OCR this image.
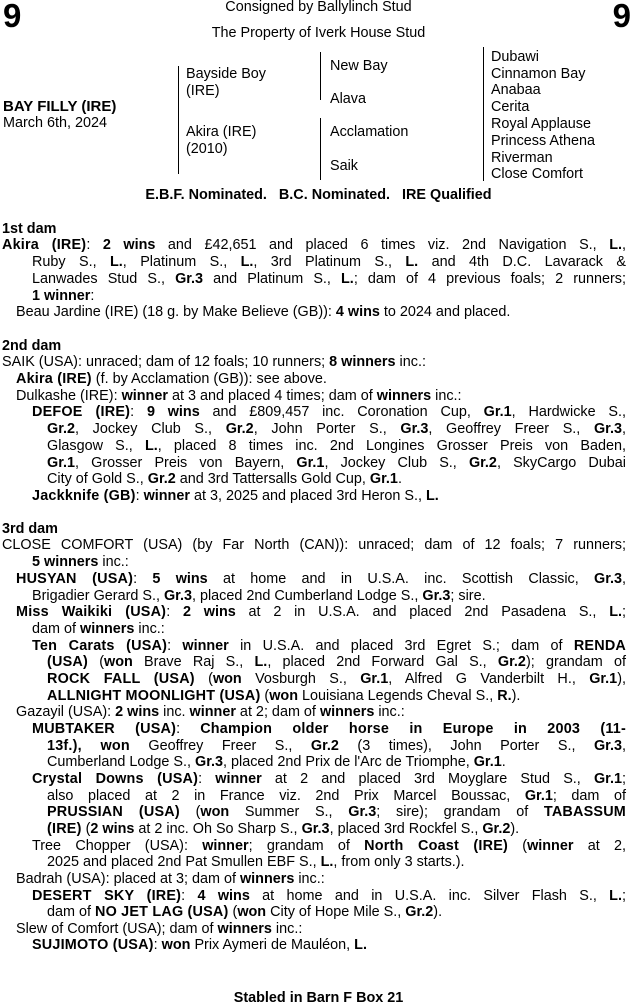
9	9
Consigned by Ballylinch Stud
The Property of Iverk House Stud
BAY FILLY (IRE)
March 6th, 2024
Bayside Boy
(IRE)
Akira (IRE)
(2010)
New Bay
Alava
Acclamation
Saik
Dubawi
Cinnamon Bay
Anabaa
Cerita
Royal Applause
Princess Athena
Riverman
Close Comfort
E.B.F. Nominated.   B.C. Nominated.   IRE Qualified
1st dam
Akira (IRE): 2 wins and £42,651 and placed 6 times viz. 2nd Navigation S., L.,
Ruby S., L., Platinum S., L., 3rd Platinum S., L. and 4th D.C. Lavarack &
Lanwades Stud S., Gr.3 and Platinum S., L.; dam of 4 previous foals; 2 runners;
1 winner:
Beau Jardine (IRE) (18 g. by Make Believe (GB)): 4 wins to 2024 and placed.
2nd dam
SAIK (USA): unraced; dam of 12 foals; 10 runners; 8 winners inc.:
Akira (IRE) (f. by Acclamation (GB)): see above.
Dulkashe (IRE): winner at 3 and placed 4 times; dam of winners inc.:
DEFOE (IRE): 9 wins and £809,457 inc. Coronation Cup, Gr.1, Hardwicke S.,
Gr.2, Jockey Club S., Gr.2, John Porter S., Gr.3, Geoffrey Freer S., Gr.3,
Glasgow S., L., placed 8 times inc. 2nd Longines Grosser Preis von Baden,
Gr.1, Grosser Preis von Bayern, Gr.1, Jockey Club S., Gr.2, SkyCargo Dubai
City of Gold S., Gr.2 and 3rd Tattersalls Gold Cup, Gr.1.
Jackknife (GB): winner at 3, 2025 and placed 3rd Heron S., L.
3rd dam
CLOSE COMFORT (USA) (by Far North (CAN)): unraced; dam of 12 foals; 7 runners;
5 winners inc.:
HUSYAN (USA): 5 wins at home and in U.S.A. inc. Scottish Classic, Gr.3,
Brigadier Gerard S., Gr.3, placed 2nd Cumberland Lodge S., Gr.3; sire.
Miss Waikiki (USA): 2 wins at 2 in U.S.A. and placed 2nd Pasadena S., L.;
dam of winners inc.:
Ten Carats (USA): winner in U.S.A. and placed 3rd Egret S.; dam of RENDA
(USA) (won Brave Raj S., L., placed 2nd Forward Gal S., Gr.2); grandam of
ROCK FALL (USA) (won Vosburgh S., Gr.1, Alfred G Vanderbilt H., Gr.1),
ALLNIGHT MOONLIGHT (USA) (won Louisiana Legends Cheval S., R.).
Gazayil (USA): 2 wins inc. winner at 2; dam of winners inc.:
MUBTAKER (USA): Champion older horse in Europe in 2003 (11-
13f.), won Geoffrey Freer S., Gr.2 (3 times), John Porter S., Gr.3,
Cumberland Lodge S., Gr.3, placed 2nd Prix de l'Arc de Triomphe, Gr.1.
Crystal Downs (USA): winner at 2 and placed 3rd Moyglare Stud S., Gr.1;
also placed at 2 in France viz. 2nd Prix Marcel Boussac, Gr.1; dam of
PRUSSIAN (USA) (won Summer S., Gr.3; sire); grandam of TABASSUM
(IRE) (2 wins at 2 inc. Oh So Sharp S., Gr.3, placed 3rd Rockfel S., Gr.2).
Tree Chopper (USA): winner; grandam of North Coast (IRE) (winner at 2,
2025 and placed 2nd Pat Smullen EBF S., L., from only 3 starts.).
Badrah (USA): placed at 3; dam of winners inc.:
DESERT SKY (IRE): 4 wins at home and in U.S.A. inc. Silver Flash S., L.;
dam of NO JET LAG (USA) (won City of Hope Mile S., Gr.2).
Slew of Comfort (USA); dam of winners inc.:
SUJIMOTO (USA): won Prix Aymeri de Mauléon, L.
Stabled in Barn F Box 21
